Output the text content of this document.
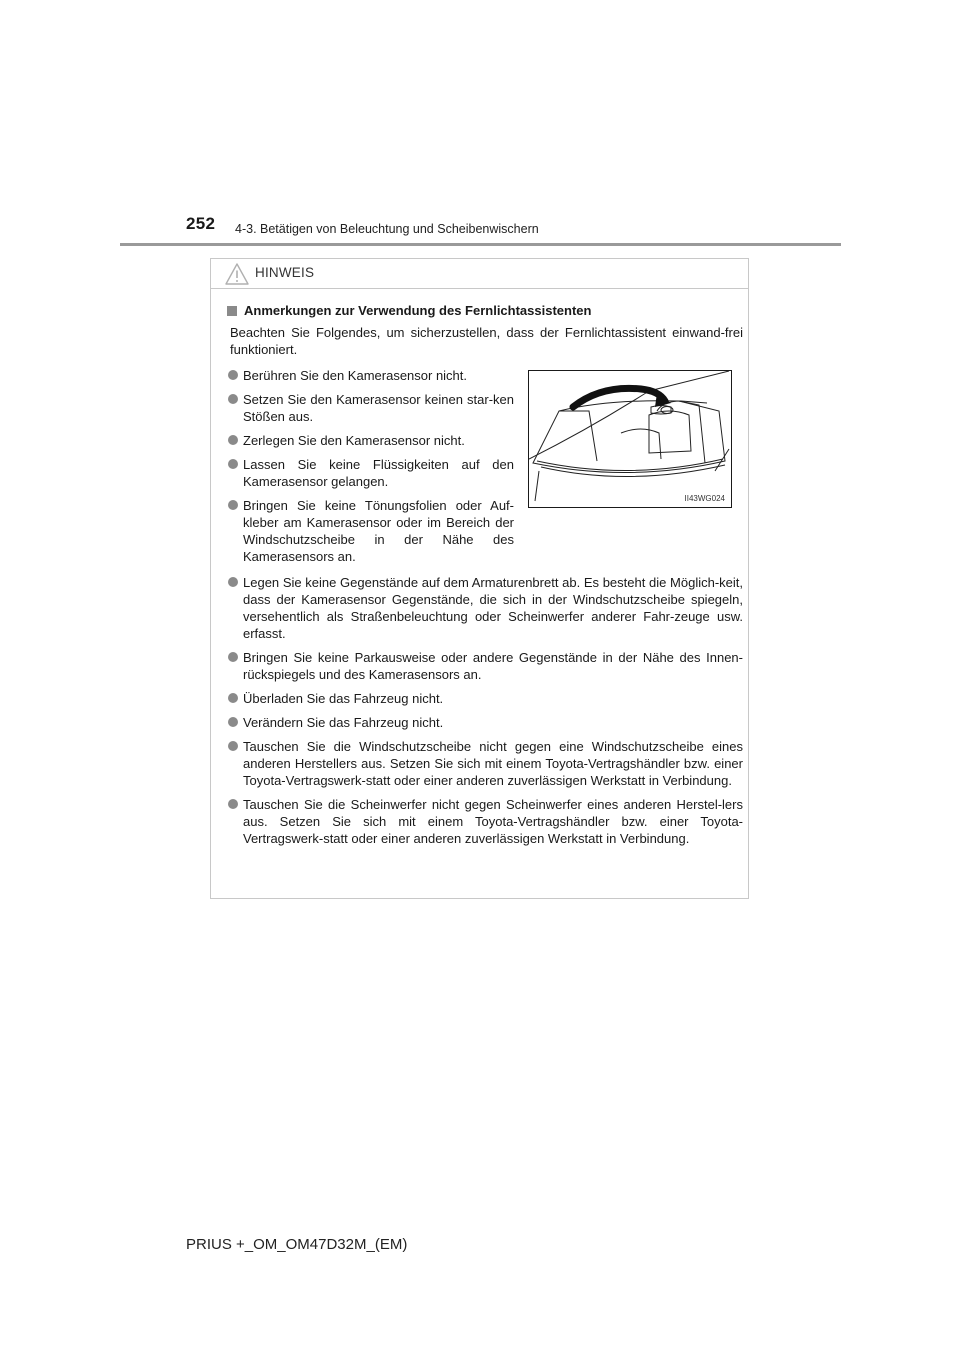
252 4-3. Betätigen von Beleuchtung und Scheibenwischern
HINWEIS
Anmerkungen zur Verwendung des Fernlichtassistenten
Beachten Sie Folgendes, um sicherzustellen, dass der Fernlichtassistent einwand-frei funktioniert.
Berühren Sie den Kamerasensor nicht.
Setzen Sie den Kamerasensor keinen star-ken Stößen aus.
Zerlegen Sie den Kamerasensor nicht.
Lassen Sie keine Flüssigkeiten auf den Kamerasensor gelangen.
Bringen Sie keine Tönungsfolien oder Auf-kleber am Kamerasensor oder im Bereich der Windschutzscheibe in der Nähe des Kamerasensors an.
II43WG024
Legen Sie keine Gegenstände auf dem Armaturenbrett ab. Es besteht die Möglich-keit, dass der Kamerasensor Gegenstände, die sich in der Windschutzscheibe spiegeln, versehentlich als Straßenbeleuchtung oder Scheinwerfer anderer Fahr-zeuge usw. erfasst.
Bringen Sie keine Parkausweise oder andere Gegenstände in der Nähe des Innen-rückspiegels und des Kamerasensors an.
Überladen Sie das Fahrzeug nicht.
Verändern Sie das Fahrzeug nicht.
Tauschen Sie die Windschutzscheibe nicht gegen eine Windschutzscheibe eines anderen Herstellers aus. Setzen Sie sich mit einem Toyota-Vertragshändler bzw. einer Toyota-Vertragswerk-statt oder einer anderen zuverlässigen Werkstatt in Verbindung.
Tauschen Sie die Scheinwerfer nicht gegen Scheinwerfer eines anderen Herstel-lers aus. Setzen Sie sich mit einem Toyota-Vertragshändler bzw. einer Toyota-Vertragswerk-statt oder einer anderen zuverlässigen Werkstatt in Verbindung.
PRIUS +_OM_OM47D32M_(EM)
